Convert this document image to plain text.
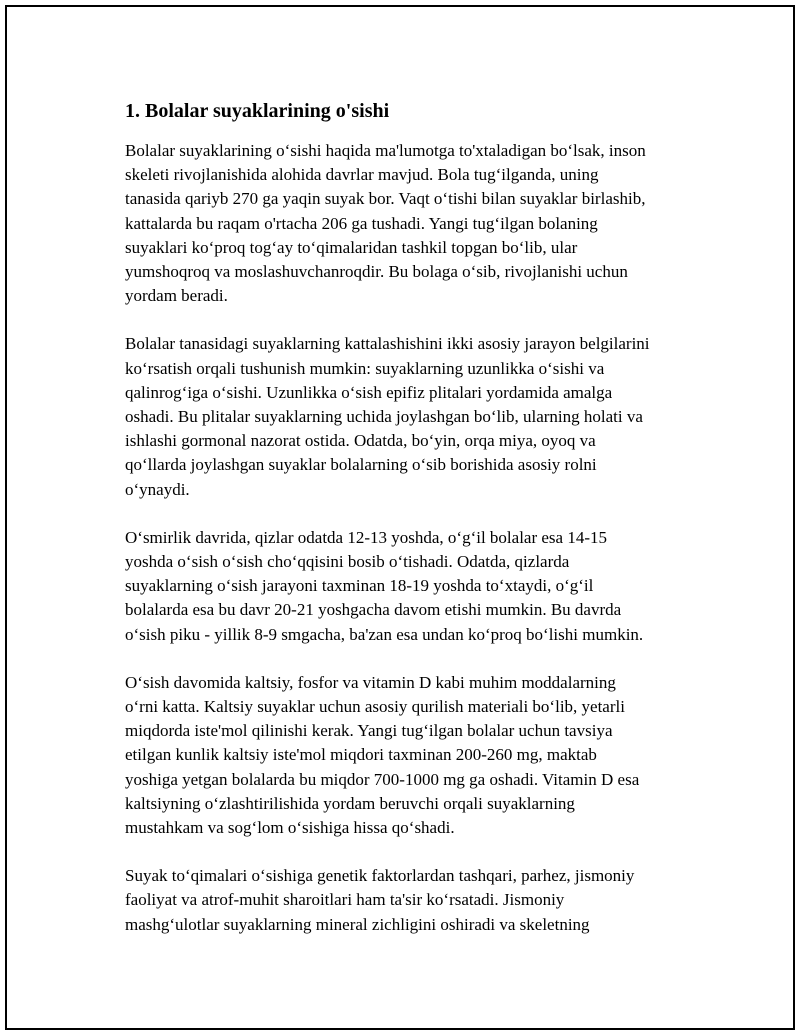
1. Bolalar suyaklarining o'sishi

Bolalar suyaklarining o‘sishi haqida ma'lumotga to'xtaladigan bo‘lsak, inson
skeleti rivojlanishida alohida davrlar mavjud. Bola tug‘ilganda, uning
tanasida qariyb 270 ga yaqin suyak bor. Vaqt o‘tishi bilan suyaklar birlashib,
kattalarda bu raqam o'rtacha 206 ga tushadi. Yangi tug‘ilgan bolaning
suyaklari ko‘proq tog‘ay to‘qimalaridan tashkil topgan bo‘lib, ular
yumshoqroq va moslashuvchanroqdir. Bu bolaga o‘sib, rivojlanishi uchun
yordam beradi.

Bolalar tanasidagi suyaklarning kattalashishini ikki asosiy jarayon belgilarini
ko‘rsatish orqali tushunish mumkin: suyaklarning uzunlikka o‘sishi va
qalinrog‘iga o‘sishi. Uzunlikka o‘sish epifiz plitalari yordamida amalga
oshadi. Bu plitalar suyaklarning uchida joylashgan bo‘lib, ularning holati va
ishlashi gormonal nazorat ostida. Odatda, bo‘yin, orqa miya, oyoq va
qo‘llarda joylashgan suyaklar bolalarning o‘sib borishida asosiy rolni
o‘ynaydi.

O‘smirlik davrida, qizlar odatda 12-13 yoshda, o‘g‘il bolalar esa 14-15
yoshda o‘sish o‘sish cho‘qqisini bosib o‘tishadi. Odatda, qizlarda
suyaklarning o‘sish jarayoni taxminan 18-19 yoshda to‘xtaydi, o‘g‘il
bolalarda esa bu davr 20-21 yoshgacha davom etishi mumkin. Bu davrda
o‘sish piku - yillik 8-9 smgacha, ba'zan esa undan ko‘proq bo‘lishi mumkin.

O‘sish davomida kaltsiy, fosfor va vitamin D kabi muhim moddalarning
o‘rni katta. Kaltsiy suyaklar uchun asosiy qurilish materiali bo‘lib, yetarli
miqdorda iste'mol qilinishi kerak. Yangi tug‘ilgan bolalar uchun tavsiya
etilgan kunlik kaltsiy iste'mol miqdori taxminan 200-260 mg, maktab
yoshiga yetgan bolalarda bu miqdor 700-1000 mg ga oshadi. Vitamin D esa
kaltsiyning o‘zlashtirilishida yordam beruvchi orqali suyaklarning
mustahkam va sog‘lom o‘sishiga hissa qo‘shadi.

Suyak to‘qimalari o‘sishiga genetik faktorlardan tashqari, parhez, jismoniy
faoliyat va atrof-muhit sharoitlari ham ta'sir ko‘rsatadi. Jismoniy
mashg‘ulotlar suyaklarning mineral zichligini oshiradi va skeletning
